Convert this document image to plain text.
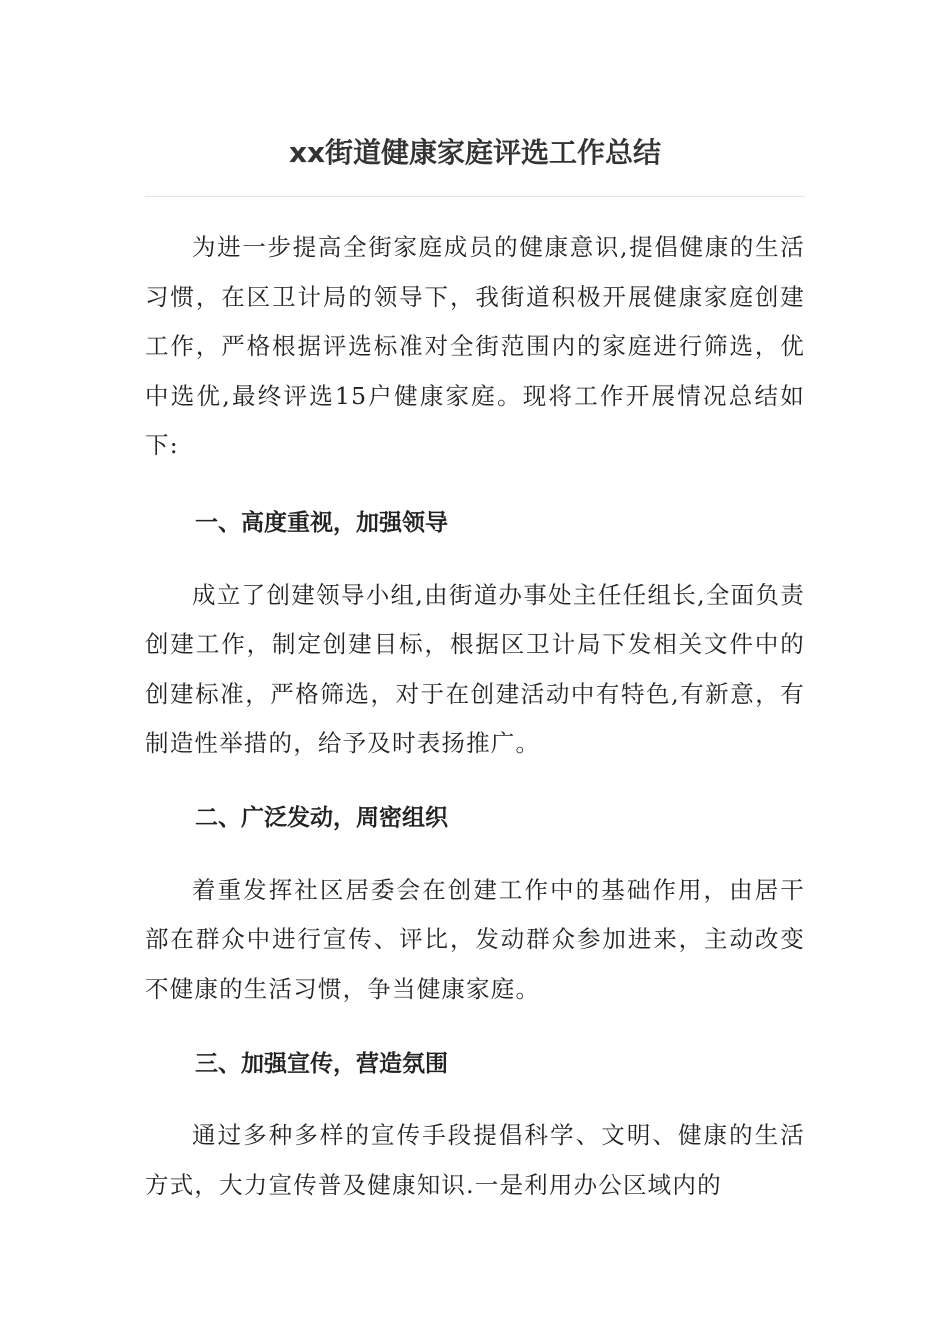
xx街道健康家庭评选工作总结

为进一步提高全街家庭成员的健康意识,提倡健康的生活习惯，在区卫计局的领导下，我街道积极开展健康家庭创建工作，严格根据评选标准对全街范围内的家庭进行筛选，优中选优,最终评选15户健康家庭。现将工作开展情况总结如下:

一、高度重视，加强领导

成立了创建领导小组,由街道办事处主任任组长,全面负责创建工作，制定创建目标，根据区卫计局下发相关文件中的创建标准，严格筛选，对于在创建活动中有特色,有新意，有制造性举措的，给予及时表扬推广。

二、广泛发动，周密组织

着重发挥社区居委会在创建工作中的基础作用，由居干部在群众中进行宣传、评比，发动群众参加进来，主动改变不健康的生活习惯，争当健康家庭。

三、加强宣传，营造氛围

通过多种多样的宣传手段提倡科学、文明、健康的生活方式，大力宣传普及健康知识.一是利用办公区域内的
